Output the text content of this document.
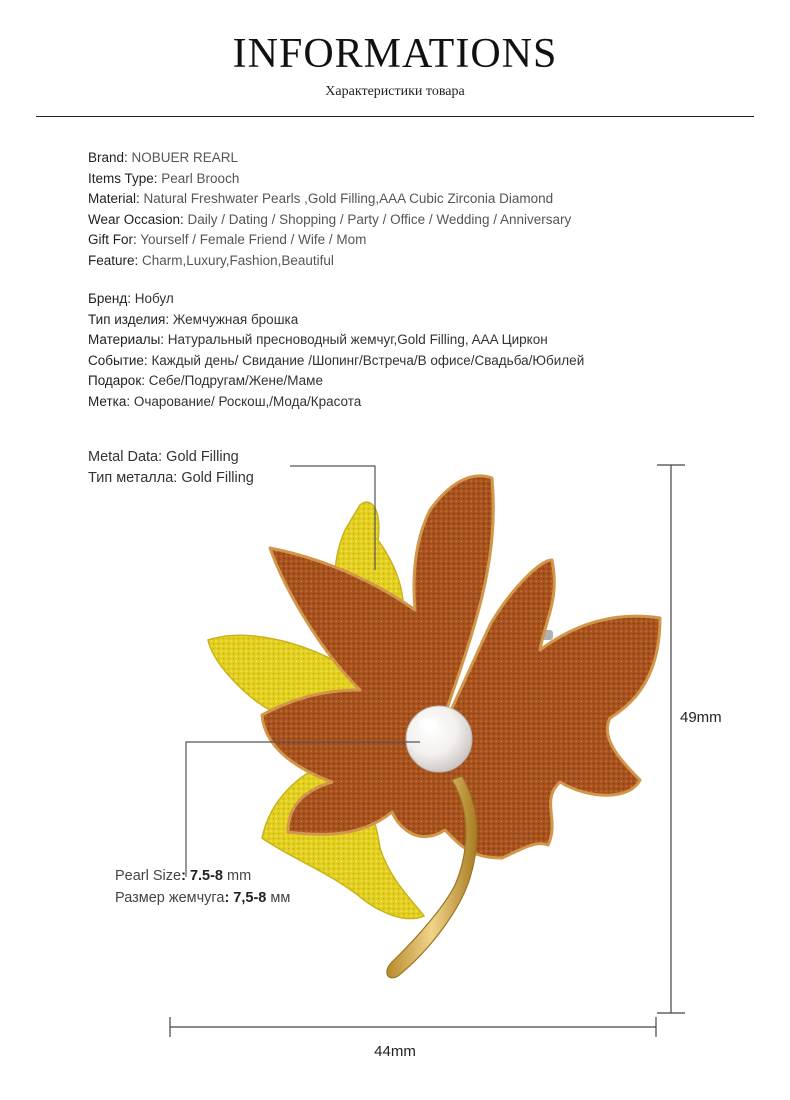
INFORMATIONS
Характеристики товара
Brand: NOBUER REARL
Items Type: Pearl Brooch
Material: Natural Freshwater Pearls ,Gold Filling,AAA Cubic Zirconia Diamond
Wear Occasion: Daily / Dating / Shopping / Party / Office / Wedding / Anniversary
Gift For: Yourself / Female Friend / Wife / Mom
Feature: Charm,Luxury,Fashion,Beautiful
Бренд: Нобул
Тип изделия: Жемчужная брошка
Материалы: Натуральный пресноводный жемчуг,Gold Filling, AAA Циркон
Событие: Каждый день/ Свидание /Шопинг/Встреча/В офисе/Свадьба/Юбилей
Подарок: Себе/Подругам/Жене/Маме
Метка: Очарование/ Роскош,/Мода/Красота
Metal Data: Gold Filling
Тип металла: Gold Filling
Pearl Size: 7.5-8 mm
Размер жемчуга: 7,5-8 мм
49mm
44mm
